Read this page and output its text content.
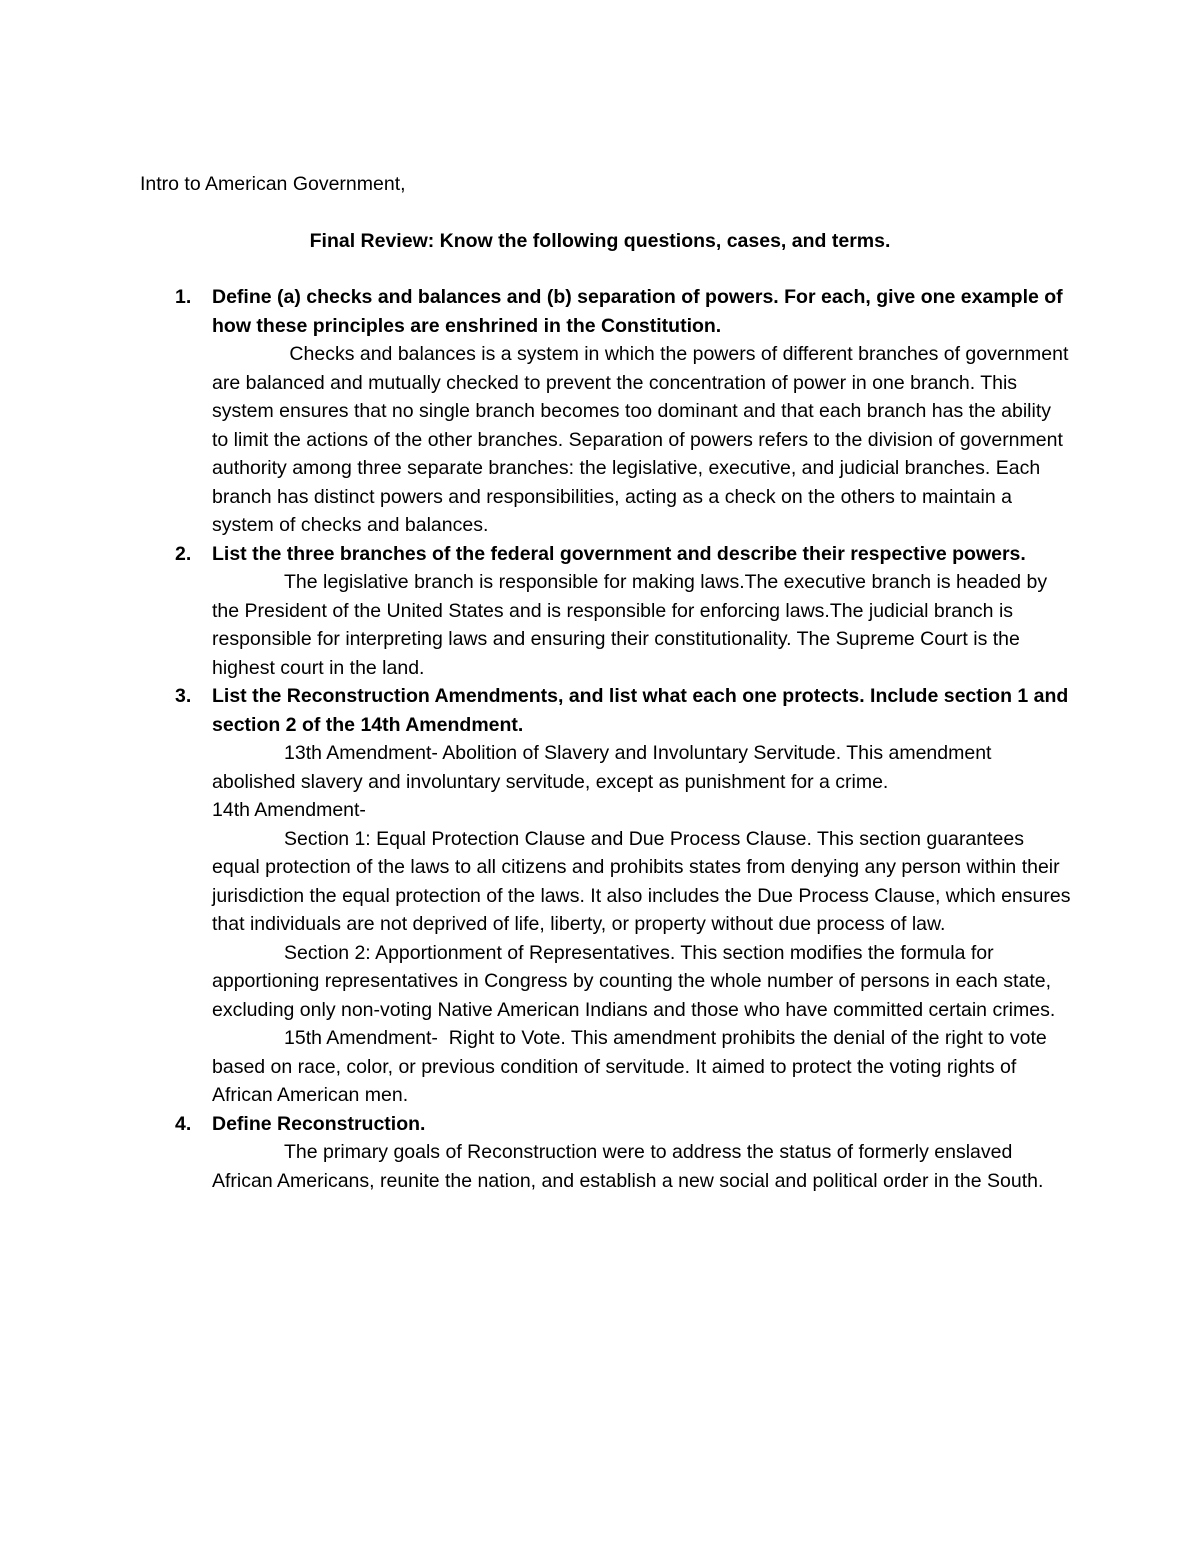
Intro to American Government,
Final Review: Know the following questions, cases, and terms.
1. Define (a) checks and balances and (b) separation of powers. For each, give one example of how these principles are enshrined in the Constitution.

Checks and balances is a system in which the powers of different branches of government are balanced and mutually checked to prevent the concentration of power in one branch. This system ensures that no single branch becomes too dominant and that each branch has the ability to limit the actions of the other branches. Separation of powers refers to the division of government authority among three separate branches: the legislative, executive, and judicial branches. Each branch has distinct powers and responsibilities, acting as a check on the others to maintain a system of checks and balances.

2. List the three branches of the federal government and describe their respective powers.

The legislative branch is responsible for making laws.The executive branch is headed by the President of the United States and is responsible for enforcing laws.The judicial branch is responsible for interpreting laws and ensuring their constitutionality. The Supreme Court is the highest court in the land.

3. List the Reconstruction Amendments, and list what each one protects. Include section 1 and section 2 of the 14th Amendment.

13th Amendment- Abolition of Slavery and Involuntary Servitude. This amendment abolished slavery and involuntary servitude, except as punishment for a crime.

14th Amendment-

Section 1: Equal Protection Clause and Due Process Clause. This section guarantees equal protection of the laws to all citizens and prohibits states from denying any person within their jurisdiction the equal protection of the laws. It also includes the Due Process Clause, which ensures that individuals are not deprived of life, liberty, or property without due process of law.

Section 2: Apportionment of Representatives. This section modifies the formula for apportioning representatives in Congress by counting the whole number of persons in each state, excluding only non-voting Native American Indians and those who have committed certain crimes.

15th Amendment-  Right to Vote. This amendment prohibits the denial of the right to vote based on race, color, or previous condition of servitude. It aimed to protect the voting rights of African American men.

4. Define Reconstruction.

The primary goals of Reconstruction were to address the status of formerly enslaved African Americans, reunite the nation, and establish a new social and political order in the South.
